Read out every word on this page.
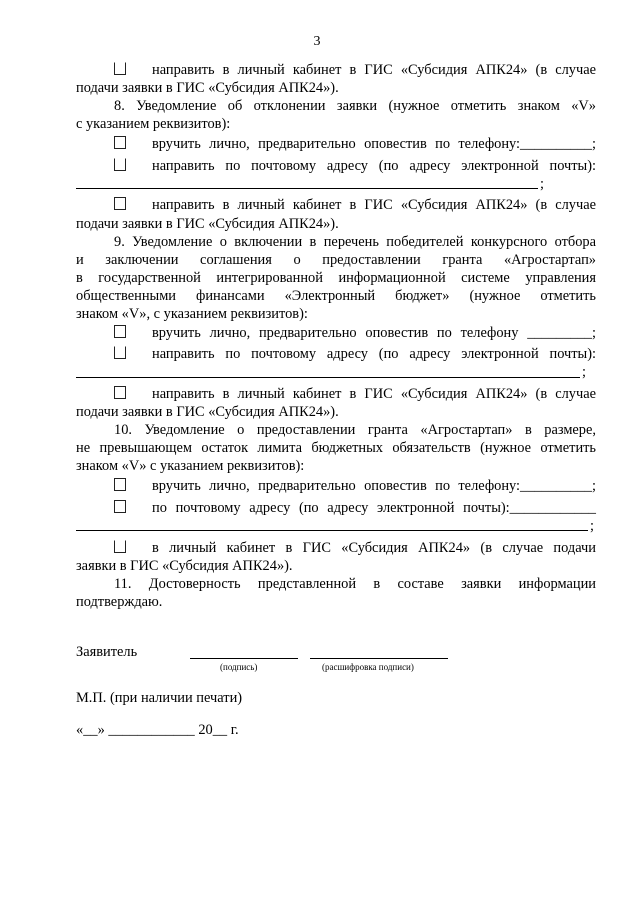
3
направить в личный кабинет в ГИС «Субсидия АПК24» (в случае
подачи заявки в ГИС «Субсидия АПК24»).
8. Уведомление об отклонении заявки (нужное отметить знаком «V»
с указанием реквизитов):
вручить лично, предварительно оповестив по телефону:__________;
направить по почтовому адресу (по адресу электронной почты):
;
направить в личный кабинет в ГИС «Субсидия АПК24» (в случае
подачи заявки в ГИС «Субсидия АПК24»).
9. Уведомление о включении в перечень победителей конкурсного отбора
и заключении соглашения о предоставлении гранта «Агростартап»
в государственной интегрированной информационной системе управления
общественными финансами «Электронный бюджет» (нужное отметить
знаком «V», с указанием реквизитов):
вручить лично, предварительно оповестив по телефону _________;
направить по почтовому адресу (по адресу электронной почты):
;
направить в личный кабинет в ГИС «Субсидия АПК24» (в случае
подачи заявки в ГИС «Субсидия АПК24»).
10. Уведомление о предоставлении гранта «Агростартап» в размере,
не превышающем остаток лимита бюджетных обязательств (нужное отметить
знаком «V» с указанием реквизитов):
вручить лично, предварительно оповестив по телефону:__________;
по почтовому адресу (по адресу электронной почты):____________
;
в личный кабинет в ГИС «Субсидия АПК24» (в случае подачи
заявки в ГИС «Субсидия АПК24»).
11. Достоверность представленной в составе заявки информации
подтверждаю.
Заявитель
(подпись)	(расшифровка подписи)
М.П. (при наличии печати)
«__» ____________ 20__ г.
